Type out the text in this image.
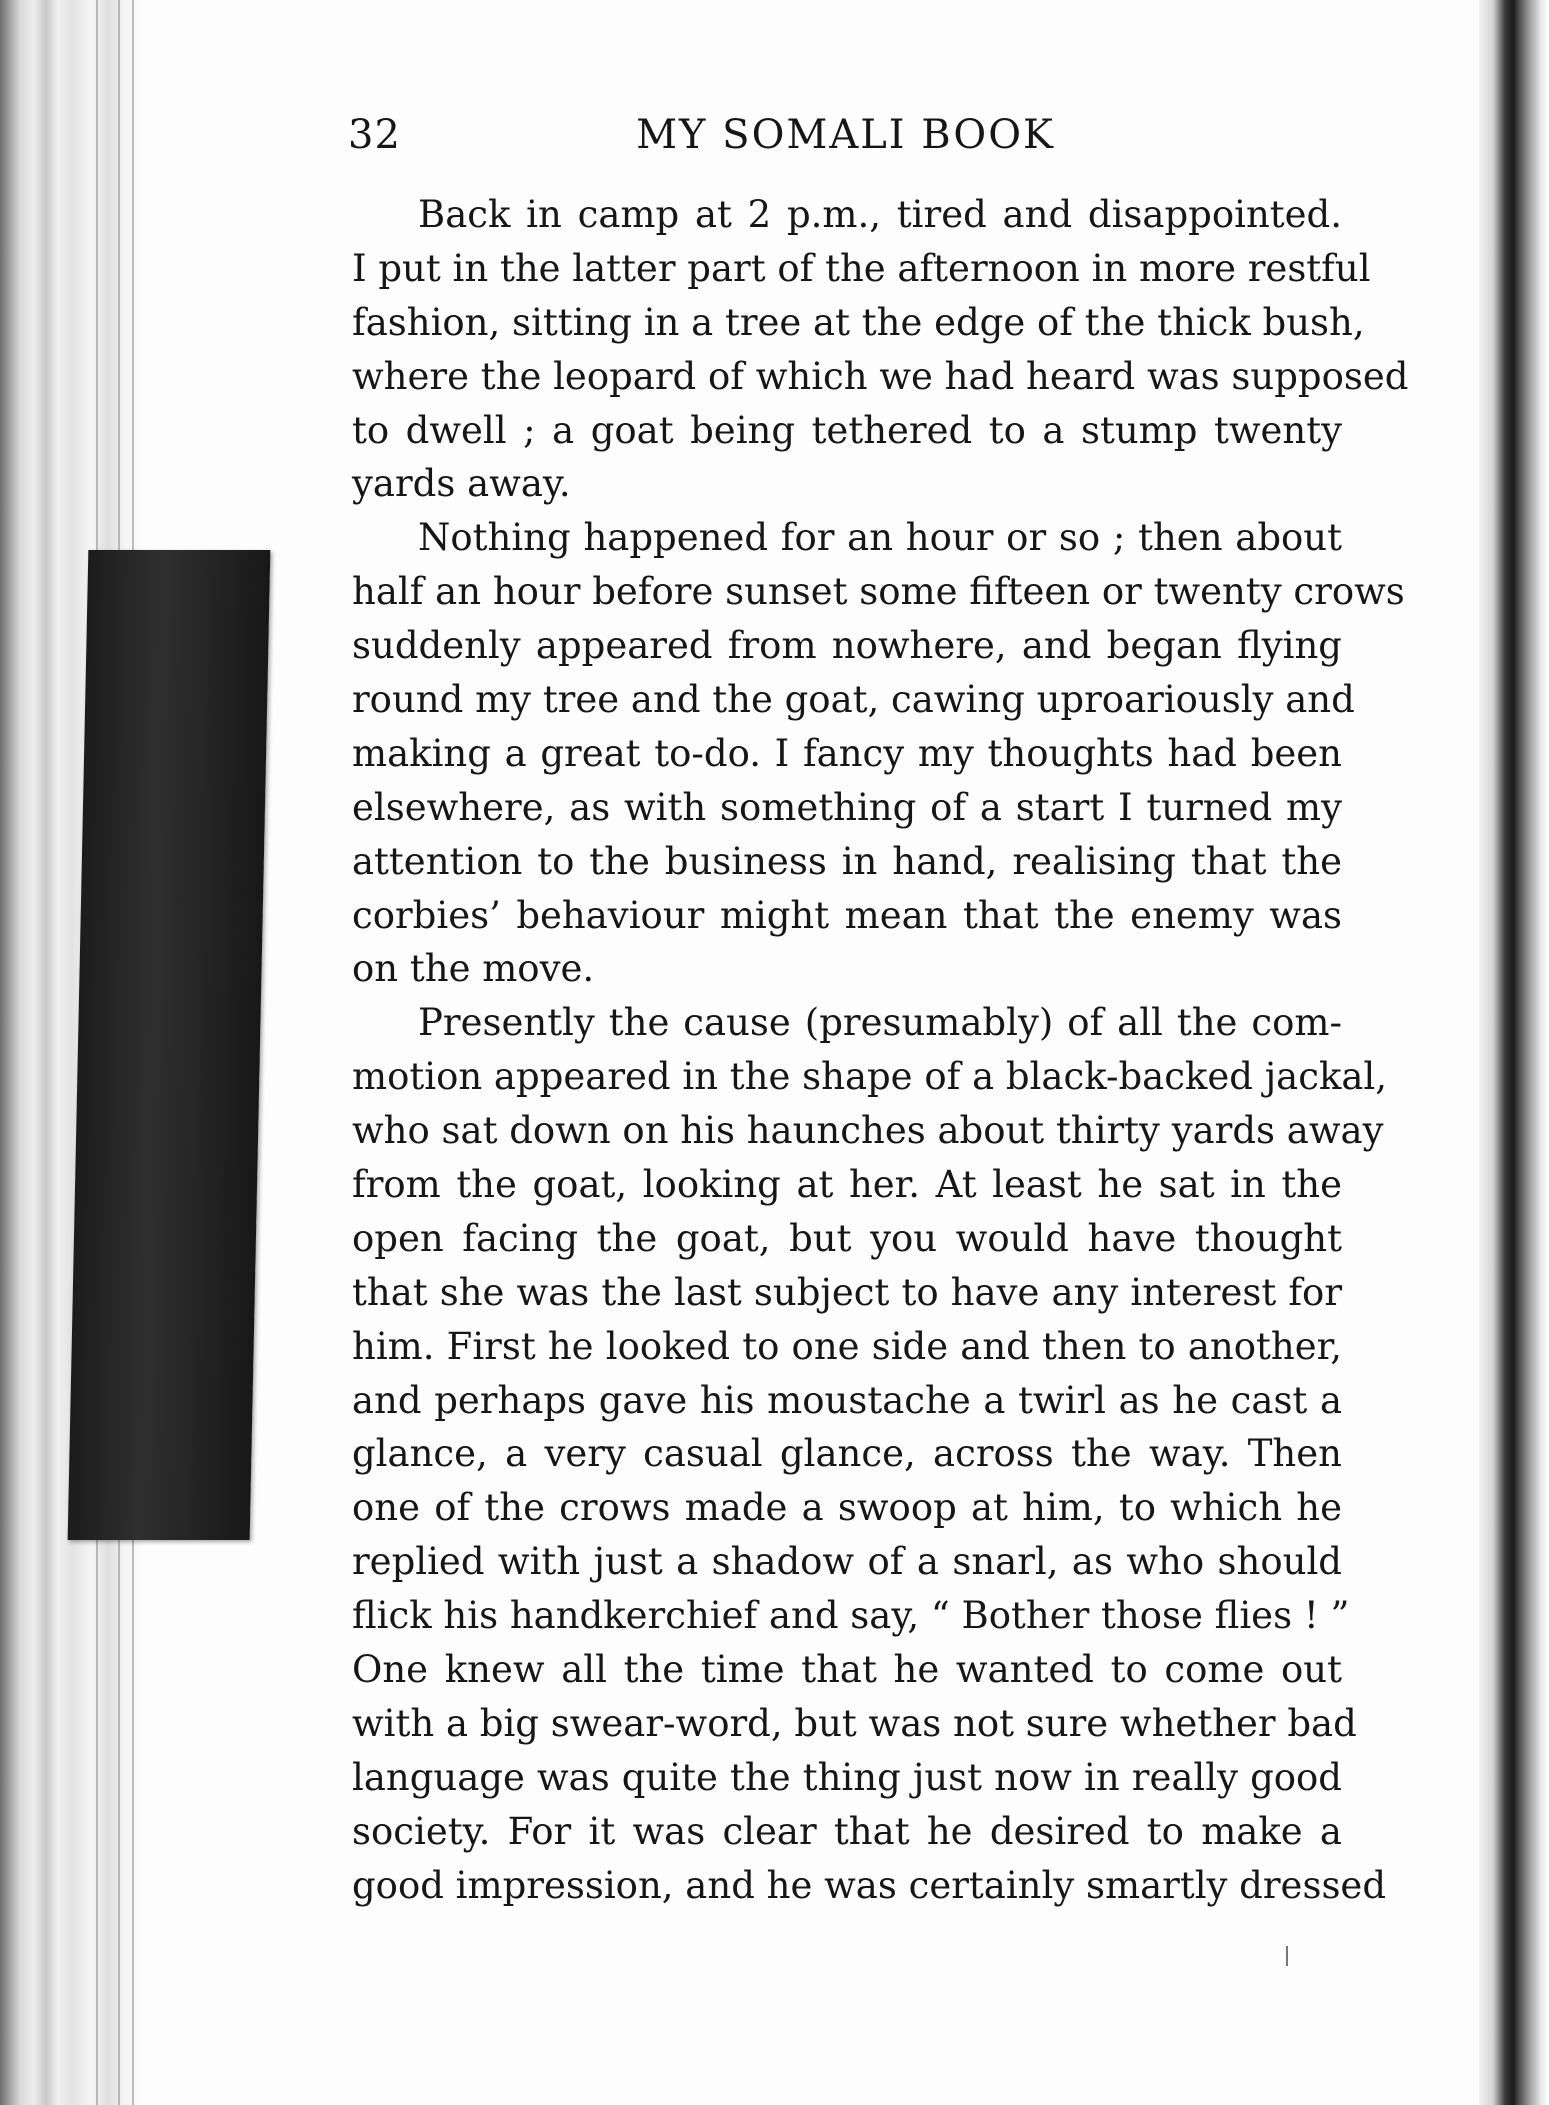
32	MY SOMALI BOOK
Back in camp at 2 p.m., tired and disappointed.
I put in the latter part of the afternoon in more restful
fashion, sitting in a tree at the edge of the thick bush,
where the leopard of which we had heard was supposed
to dwell ; a goat being tethered to a stump twenty
yards away.
Nothing happened for an hour or so ; then about
half an hour before sunset some fifteen or twenty crows
suddenly appeared from nowhere, and began flying
round my tree and the goat, cawing uproariously and
making a great to-do. I fancy my thoughts had been
elsewhere, as with something of a start I turned my
attention to the business in hand, realising that the
corbies’ behaviour might mean that the enemy was
on the move.
Presently the cause (presumably) of all the com-
motion appeared in the shape of a black-backed jackal,
who sat down on his haunches about thirty yards away
from the goat, looking at her. At least he sat in the
open facing the goat, but you would have thought
that she was the last subject to have any interest for
him. First he looked to one side and then to another,
and perhaps gave his moustache a twirl as he cast a
glance, a very casual glance, across the way. Then
one of the crows made a swoop at him, to which he
replied with just a shadow of a snarl, as who should
flick his handkerchief and say, “ Bother those flies ! ”
One knew all the time that he wanted to come out
with a big swear-word, but was not sure whether bad
language was quite the thing just now in really good
society. For it was clear that he desired to make a
good impression, and he was certainly smartly dressed
